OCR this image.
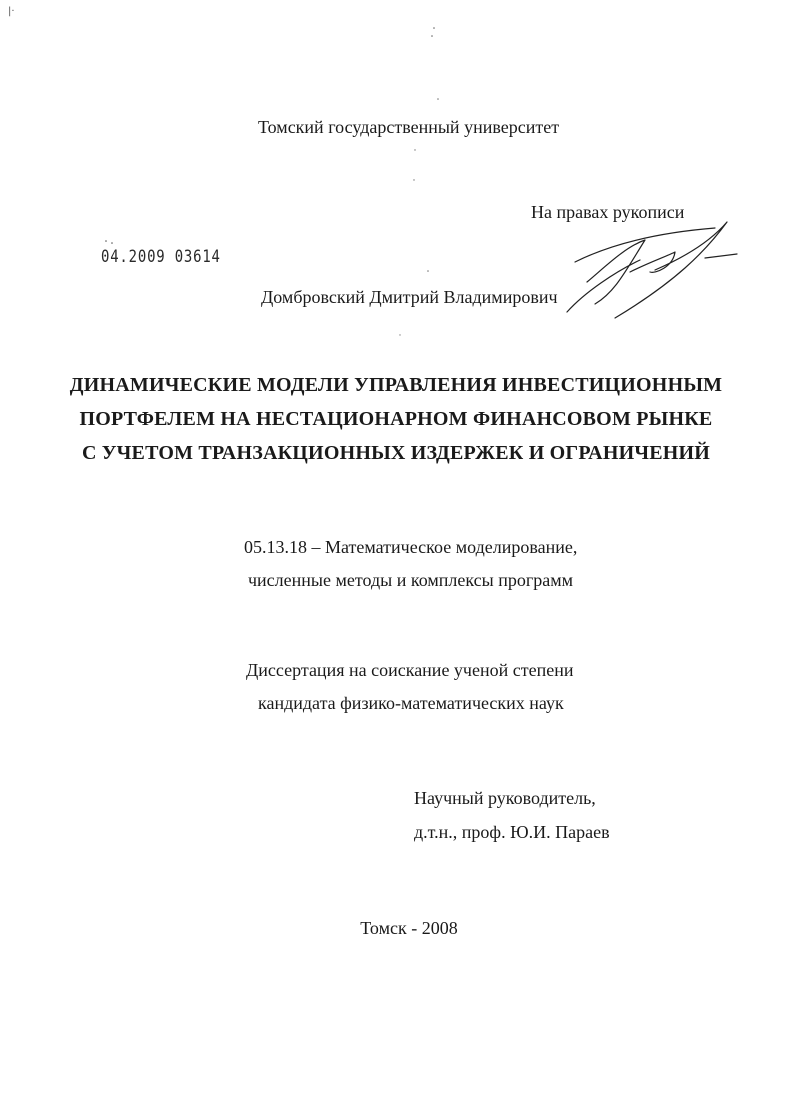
|·
Томский государственный университет
На правах рукописи
04.2009 03614
Домбровский Дмитрий Владимирович
ДИНАМИЧЕСКИЕ МОДЕЛИ УПРАВЛЕНИЯ ИНВЕСТИЦИОННЫМ
ПОРТФЕЛЕМ НА НЕСТАЦИОНАРНОМ ФИНАНСОВОМ РЫНКЕ
С УЧЕТОМ ТРАНЗАКЦИОННЫХ ИЗДЕРЖЕК И ОГРАНИЧЕНИЙ
05.13.18 – Математическое моделирование,
численные методы и комплексы программ
Диссертация на соискание ученой степени
кандидата физико-математических наук
Научный руководитель,
д.т.н., проф. Ю.И. Параев
Томск - 2008
